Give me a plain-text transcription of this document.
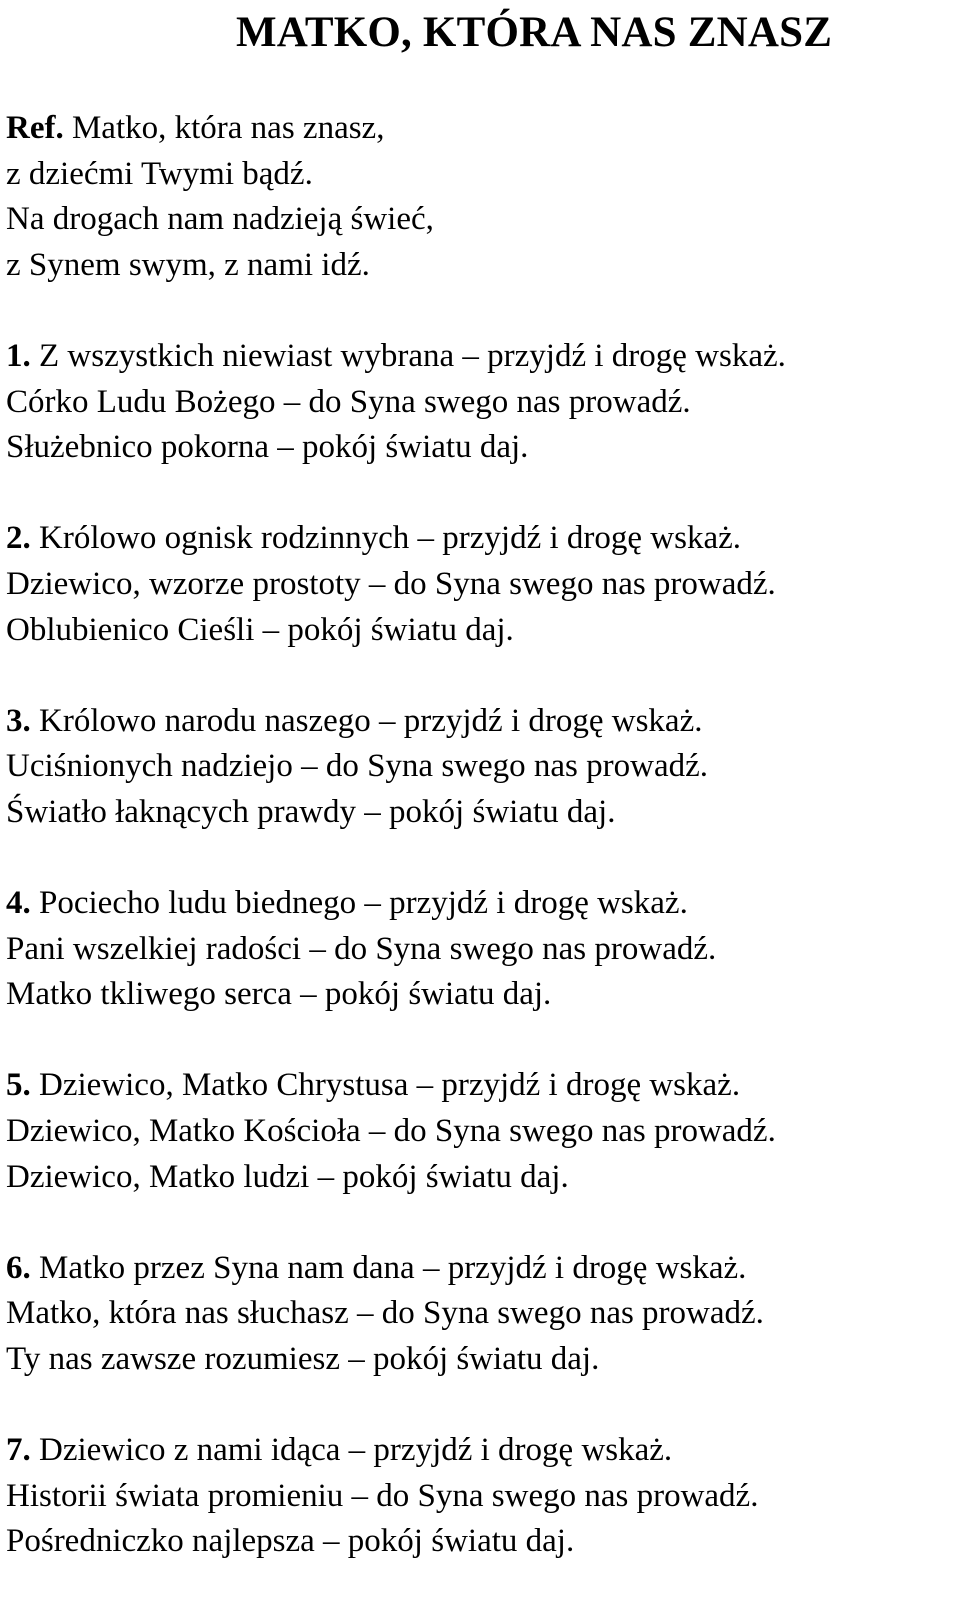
MATKO, KTÓRA NAS ZNASZ
Ref. Matko, która nas znasz,
z dziećmi Twymi bądź.
Na drogach nam nadzieją świeć,
z Synem swym, z nami idź.
1. Z wszystkich niewiast wybrana – przyjdź i drogę wskaż.
Córko Ludu Bożego – do Syna swego nas prowadź.
Służebnico pokorna – pokój światu daj.
2. Królowo ognisk rodzinnych – przyjdź i drogę wskaż.
Dziewico, wzorze prostoty – do Syna swego nas prowadź.
Oblubienico Cieśli – pokój światu daj.
3. Królowo narodu naszego – przyjdź i drogę wskaż.
Uciśnionych nadziejo – do Syna swego nas prowadź.
Światło łaknących prawdy – pokój światu daj.
4. Pociecho ludu biednego – przyjdź i drogę wskaż.
Pani wszelkiej radości – do Syna swego nas prowadź.
Matko tkliwego serca – pokój światu daj.
5. Dziewico, Matko Chrystusa – przyjdź i drogę wskaż.
Dziewico, Matko Kościoła – do Syna swego nas prowadź.
Dziewico, Matko ludzi – pokój światu daj.
6. Matko przez Syna nam dana – przyjdź i drogę wskaż.
Matko, która nas słuchasz – do Syna swego nas prowadź.
Ty nas zawsze rozumiesz – pokój światu daj.
7. Dziewico z nami idąca – przyjdź i drogę wskaż.
Historii świata promieniu – do Syna swego nas prowadź.
Pośredniczko najlepsza – pokój światu daj.
